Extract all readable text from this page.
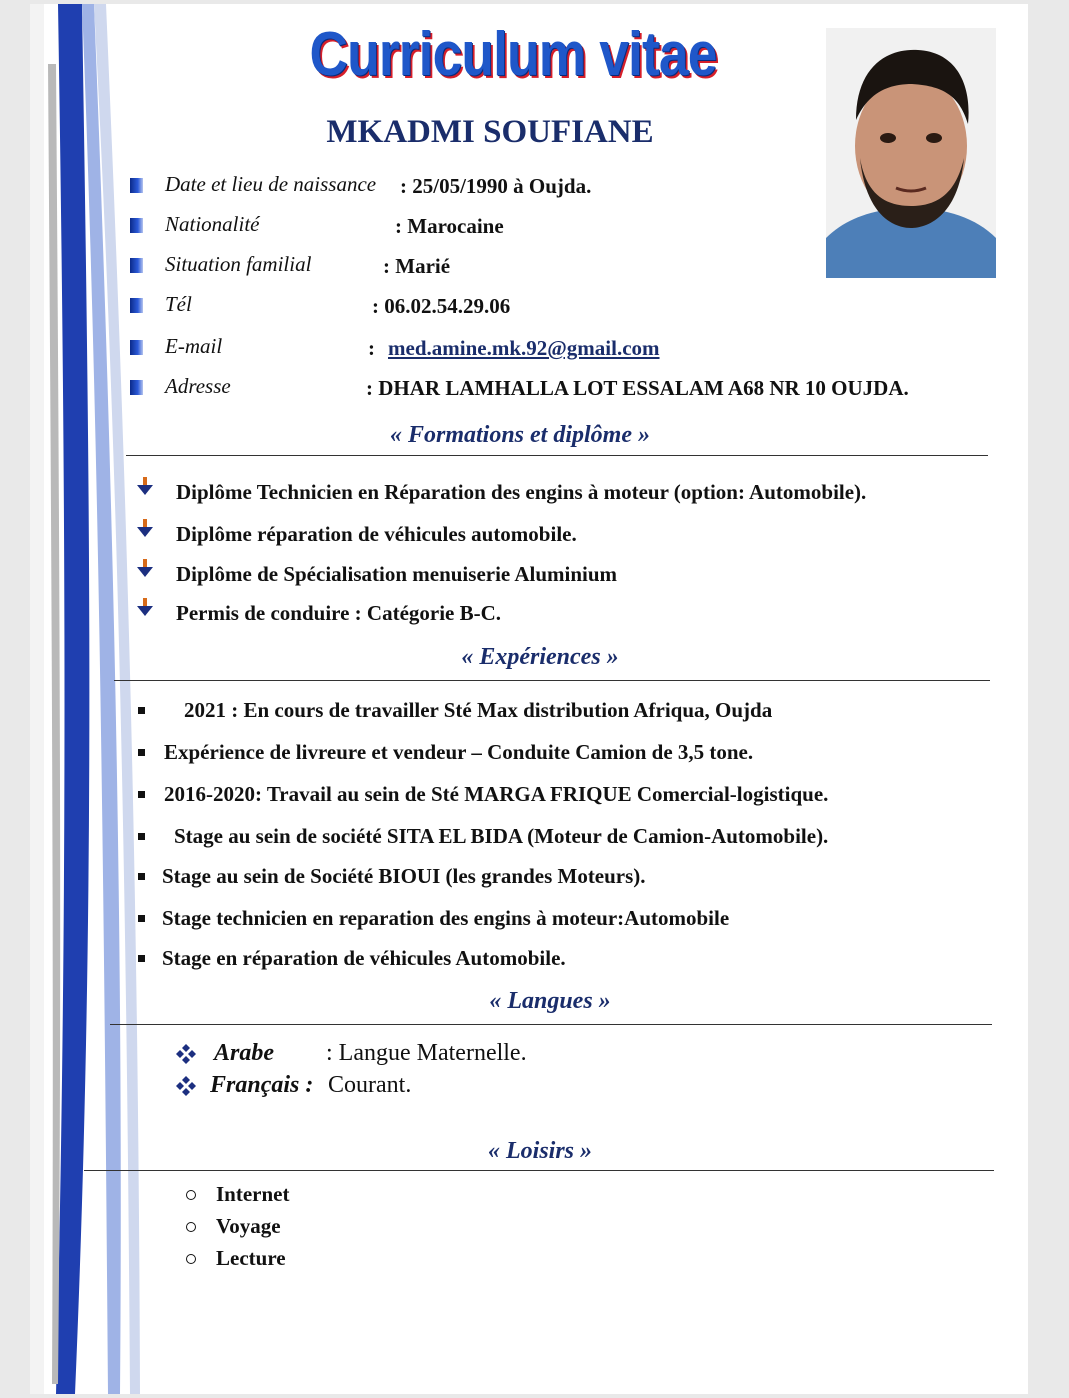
Curriculum vitae
MKADMI SOUFIANE
Date et lieu de naissance : 25/05/1990 à Oujda.
Nationalité	: Marocaine
Situation familial	: Marié
Tél	: 06.02.54.29.06
E-mail	: med.amine.mk.92@gmail.com
Adresse	: DHAR LAMHALLA LOT ESSALAM A68 NR 10 OUJDA.
« Formations et diplôme »
Diplôme Technicien en Réparation des engins à moteur (option: Automobile).
Diplôme réparation de véhicules automobile.
Diplôme de Spécialisation menuiserie Aluminium
Permis de conduire : Catégorie B-C.
« Expériences »
2021 : En cours de travailler Sté Max distribution Afriqua, Oujda
Expérience de livreure et vendeur – Conduite Camion de 3,5 tone.
2016-2020: Travail au sein de Sté MARGA FRIQUE Comercial-logistique.
Stage au sein de société SITA EL BIDA (Moteur de Camion-Automobile).
Stage au sein de Société BIOUI (les grandes Moteurs).
Stage technicien en reparation des engins à moteur:Automobile
Stage en réparation de véhicules Automobile.
« Langues »
Arabe : Langue Maternelle.
Français : Courant.
« Loisirs »
Internet
Voyage
Lecture
